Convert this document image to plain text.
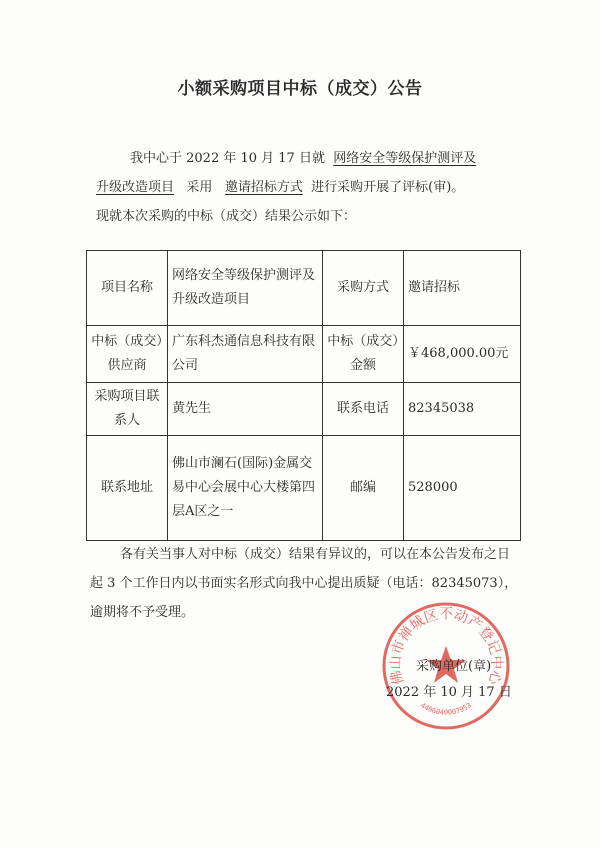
小额采购项目中标（成交）公告
我中心于 2022 年 10 月 17 日就 网络安全等级保护测评及
升级改造项目 采用 邀请招标方式 进行采购开展了评标(审)。
现就本次采购的中标（成交）结果公示如下：
项目名称	网络安全等级保护测评及升级改造项目	采购方式	邀请招标
中标（成交）供应商	广东科杰通信息科技有限公司	中标（成交）金额	￥468,000.00元
采购项目联系人	黄先生	联系电话	82345038
联系地址	佛山市澜石(国际)金属交易中心会展中心大楼第四层A区之一	邮编	528000
各有关当事人对中标（成交）结果有异议的，可以在本公告发布之日起 3 个工作日内以书面实名形式向我中心提出质疑（电话：82345073），逾期将不予受理。
佛山市禅城区不动产登记中心
4406040007953
采购单位(章)
2022 年 10 月 17 日
